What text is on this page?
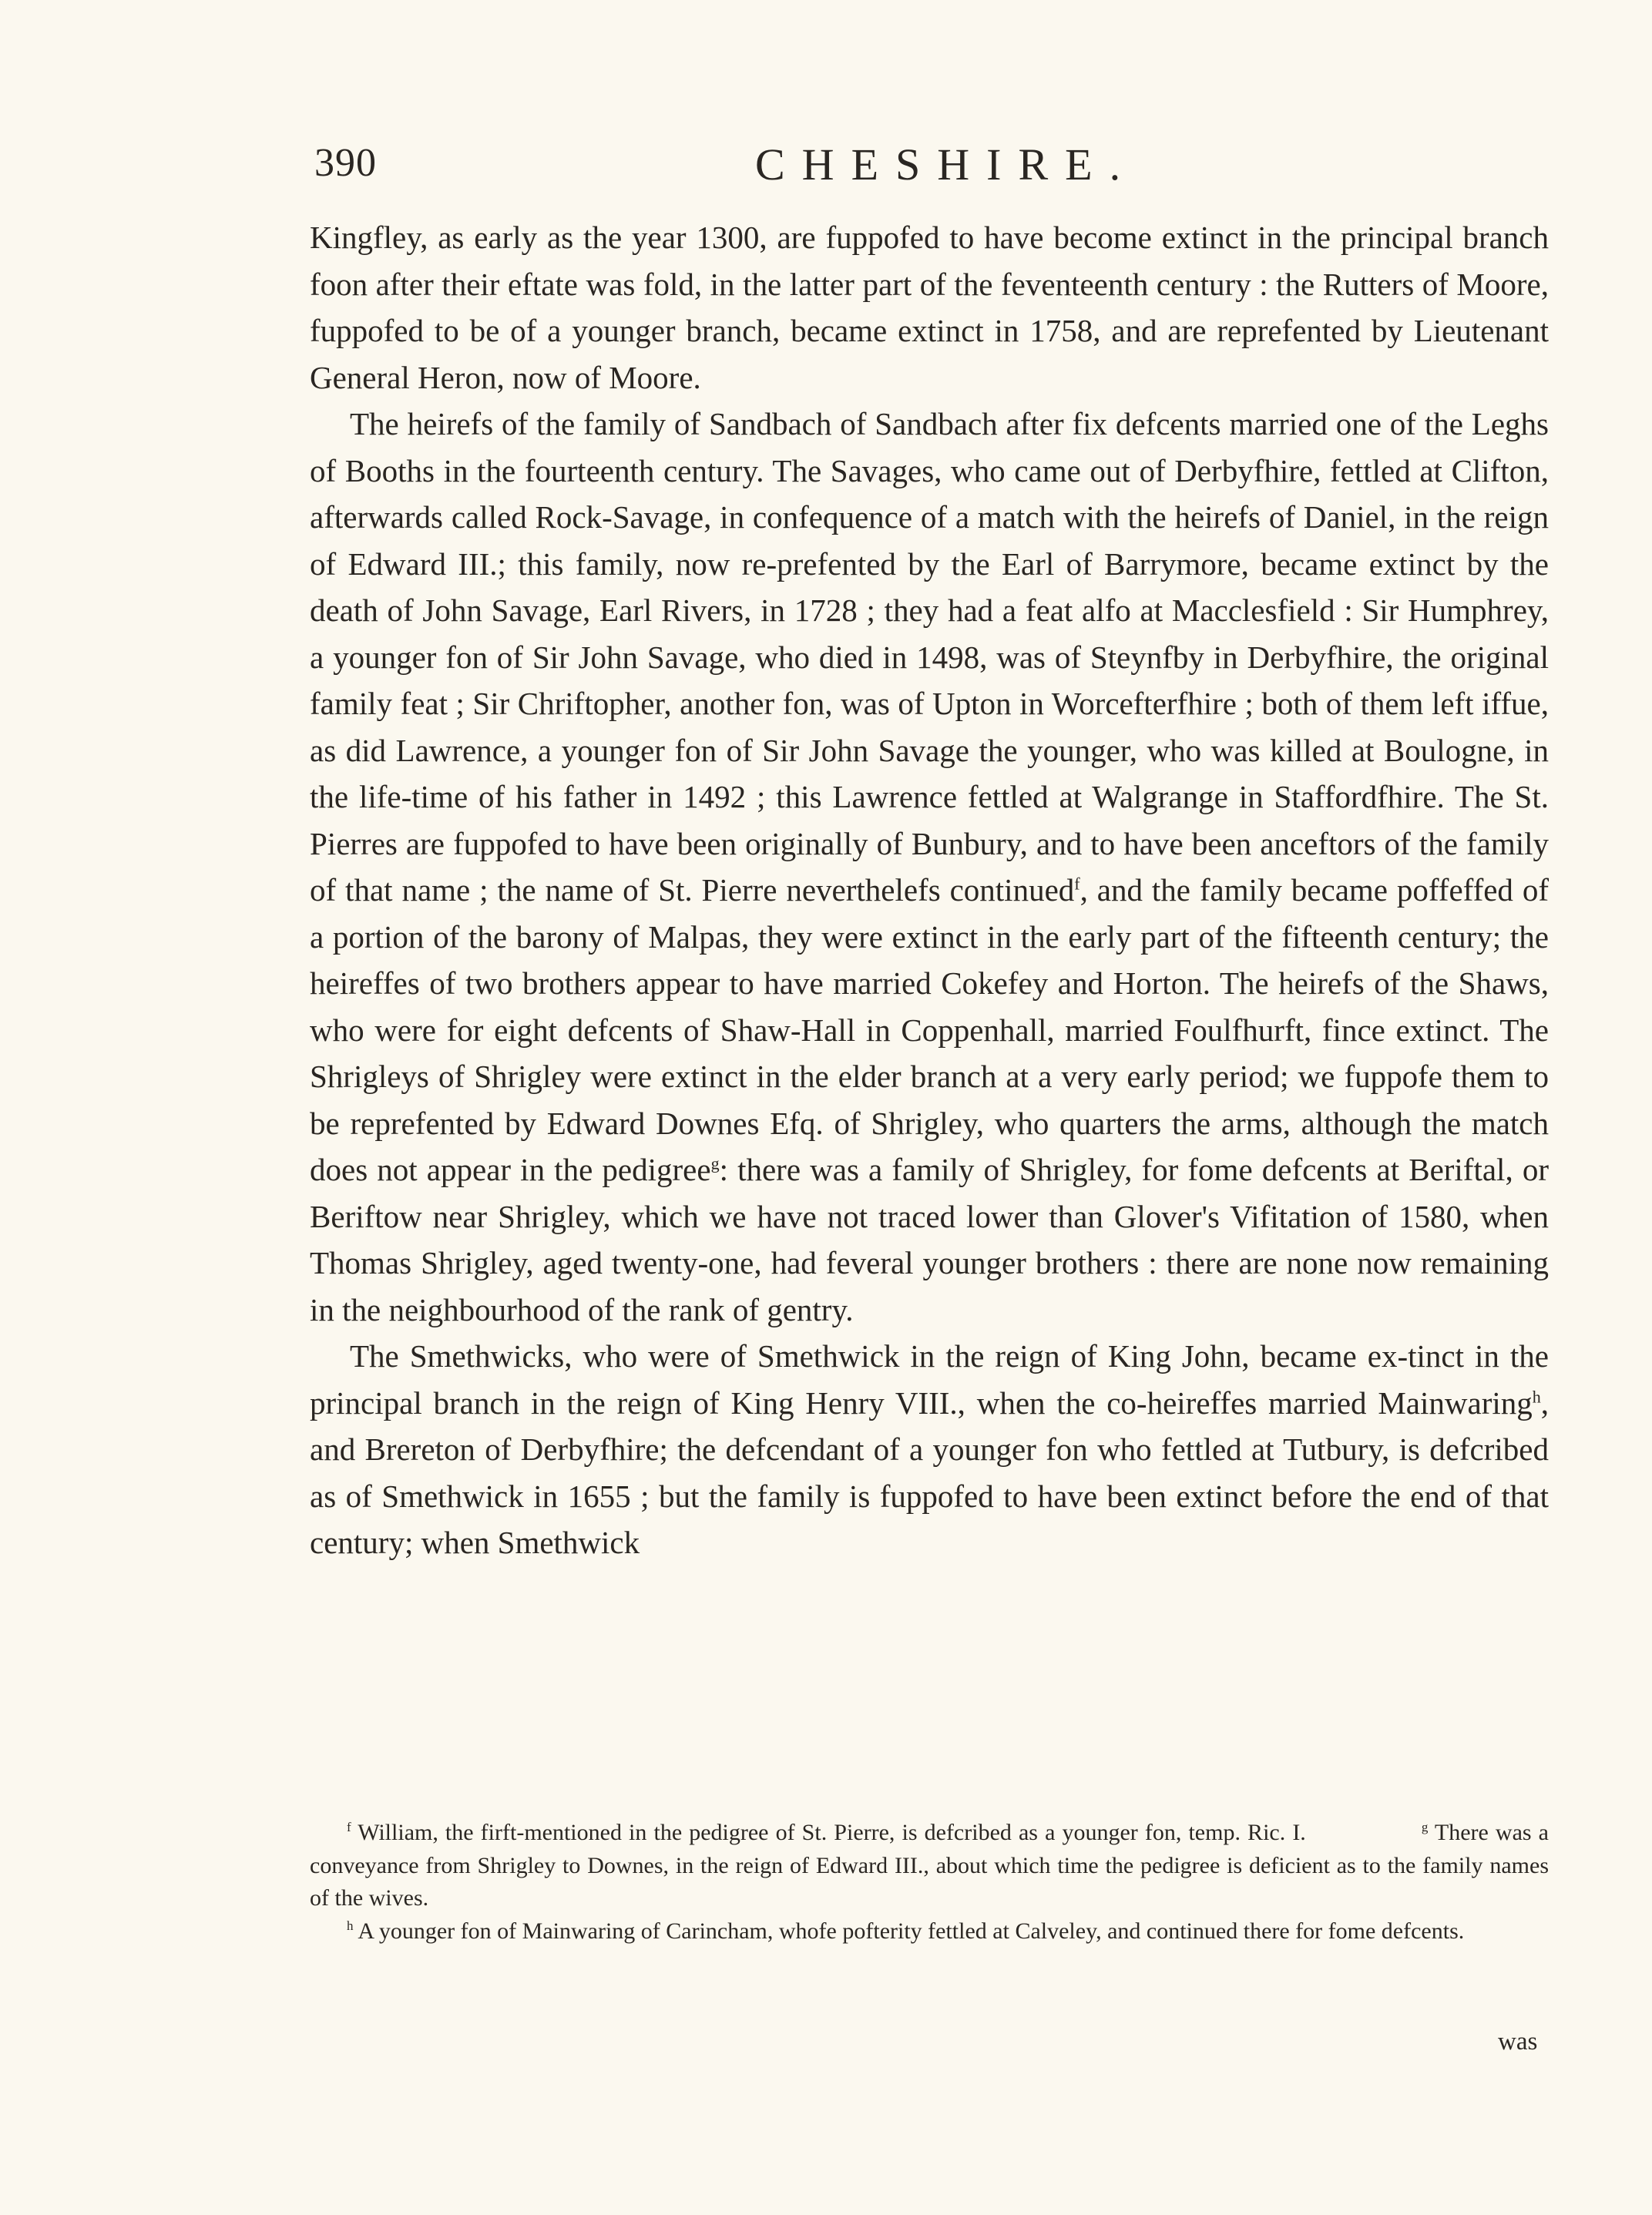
390	CHESHIRE.

Kingfley, as early as the year 1300, are fuppofed to have become extinct in the principal branch foon after their eftate was fold, in the latter part of the feventeenth century : the Rutters of Moore, fuppofed to be of a younger branch, became extinct in 1758, and are reprefented by Lieutenant General Heron, now of Moore.

The heirefs of the family of Sandbach of Sandbach after fix defcents married one of the Leghs of Booths in the fourteenth century. The Savages, who came out of Derbyfhire, fettled at Clifton, afterwards called Rock-Savage, in confequence of a match with the heirefs of Daniel, in the reign of Edward III.; this family, now re-prefented by the Earl of Barrymore, became extinct by the death of John Savage, Earl Rivers, in 1728 ; they had a feat alfo at Macclesfield : Sir Humphrey, a younger fon of Sir John Savage, who died in 1498, was of Steynfby in Derbyfhire, the original family feat ; Sir Chriftopher, another fon, was of Upton in Worcefterfhire ; both of them left iffue, as did Lawrence, a younger fon of Sir John Savage the younger, who was killed at Boulogne, in the life-time of his father in 1492 ; this Lawrence fettled at Walgrange in Staffordfhire. The St. Pierres are fuppofed to have been originally of Bunbury, and to have been anceftors of the family of that name ; the name of St. Pierre neverthelefs continued$^f$, and the family became poffeffed of a portion of the barony of Malpas, they were extinct in the early part of the fifteenth century; the heireffes of two brothers appear to have married Cokefey and Horton. The heirefs of the Shaws, who were for eight defcents of Shaw-Hall in Coppenhall, married Foulfhurft, fince extinct. The Shrigleys of Shrigley were extinct in the elder branch at a very early period; we fuppofe them to be reprefented by Edward Downes Efq. of Shrigley, who quarters the arms, although the match does not appear in the pedigree$^g$: there was a family of Shrigley, for fome defcents at Beriftal, or Beriftow near Shrigley, which we have not traced lower than Glover's Vifitation of 1580, when Thomas Shrigley, aged twenty-one, had feveral younger brothers : there are none now remaining in the neighbourhood of the rank of gentry.

The Smethwicks, who were of Smethwick in the reign of King John, became ex-tinct in the principal branch in the reign of King Henry VIII., when the co-heireffes married Mainwaring$^h$, and Brereton of Derbyfhire; the defcendant of a younger fon who fettled at Tutbury, is defcribed as of Smethwick in 1655 ; but the family is fuppofed to have been extinct before the end of that century; when Smethwick

$^f$ William, the firft-mentioned in the pedigree of St. Pierre, is defcribed as a younger fon, temp. Ric. I.	$^g$ There was a conveyance from Shrigley to Downes, in the reign of Edward III., about which time the pedigree is deficient as to the family names of the wives.

$^h$ A younger fon of Mainwaring of Carincham, whofe pofterity fettled at Calveley, and continued there for fome defcents.

was
